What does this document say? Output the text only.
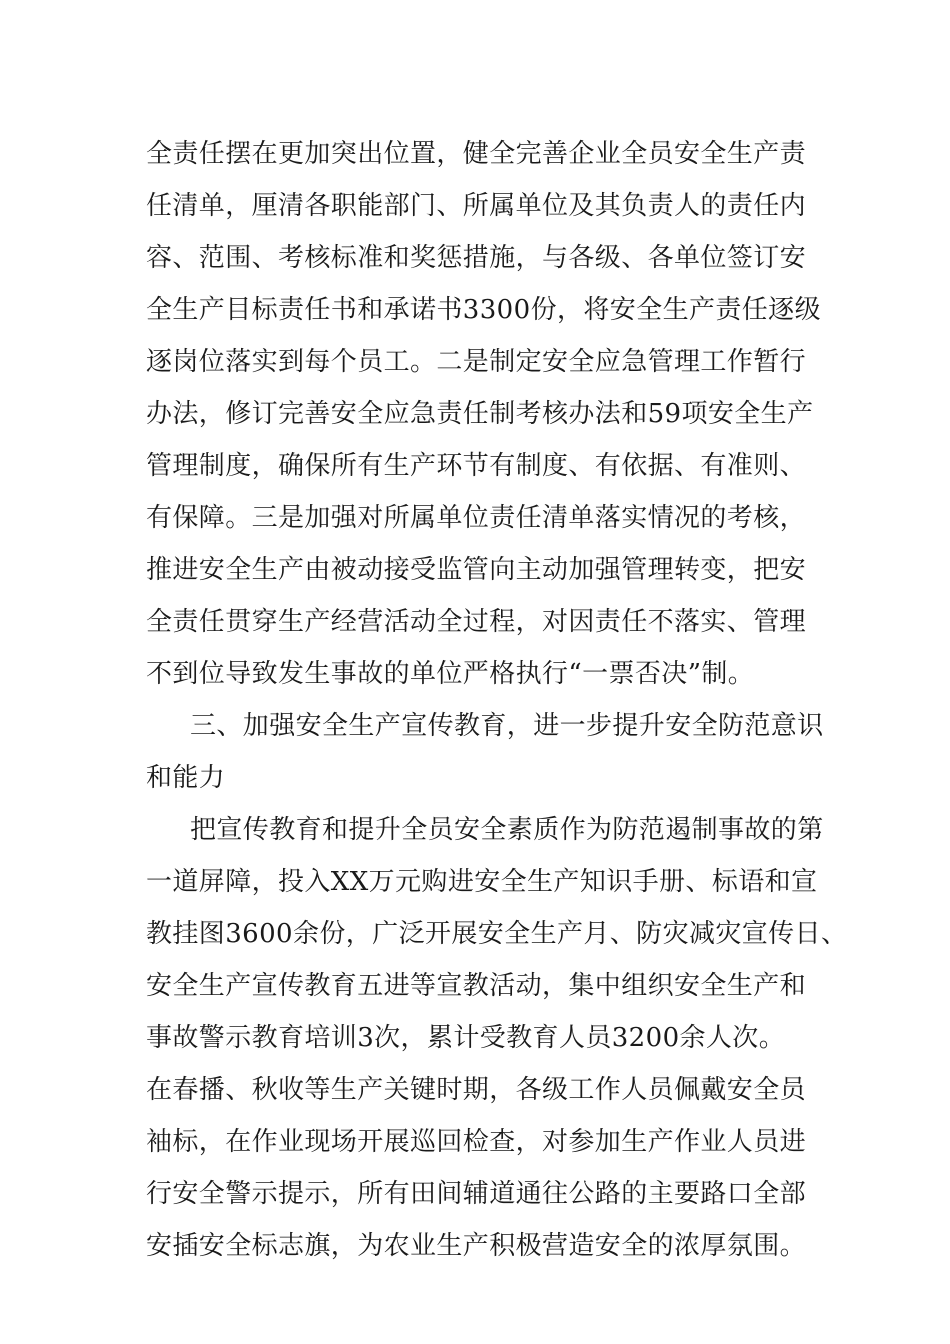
全责任摆在更加突出位置，健全完善企业全员安全生产责
任清单，厘清各职能部门、所属单位及其负责人的责任内
容、范围、考核标准和奖惩措施，与各级、各单位签订安
全生产目标责任书和承诺书3300份，将安全生产责任逐级
逐岗位落实到每个员工。二是制定安全应急管理工作暂行
办法，修订完善安全应急责任制考核办法和59项安全生产
管理制度，确保所有生产环节有制度、有依据、有准则、
有保障。三是加强对所属单位责任清单落实情况的考核，
推进安全生产由被动接受监管向主动加强管理转变，把安
全责任贯穿生产经营活动全过程，对因责任不落实、管理
不到位导致发生事故的单位严格执行“一票否决”制。
三、加强安全生产宣传教育，进一步提升安全防范意识
和能力
把宣传教育和提升全员安全素质作为防范遏制事故的第
一道屏障，投入XX万元购进安全生产知识手册、标语和宣
教挂图3600余份，广泛开展安全生产月、防灾减灾宣传日、
安全生产宣传教育五进等宣教活动，集中组织安全生产和
事故警示教育培训3次，累计受教育人员3200余人次。
在春播、秋收等生产关键时期，各级工作人员佩戴安全员
袖标，在作业现场开展巡回检查，对参加生产作业人员进
行安全警示提示，所有田间辅道通往公路的主要路口全部
安插安全标志旗，为农业生产积极营造安全的浓厚氛围。
